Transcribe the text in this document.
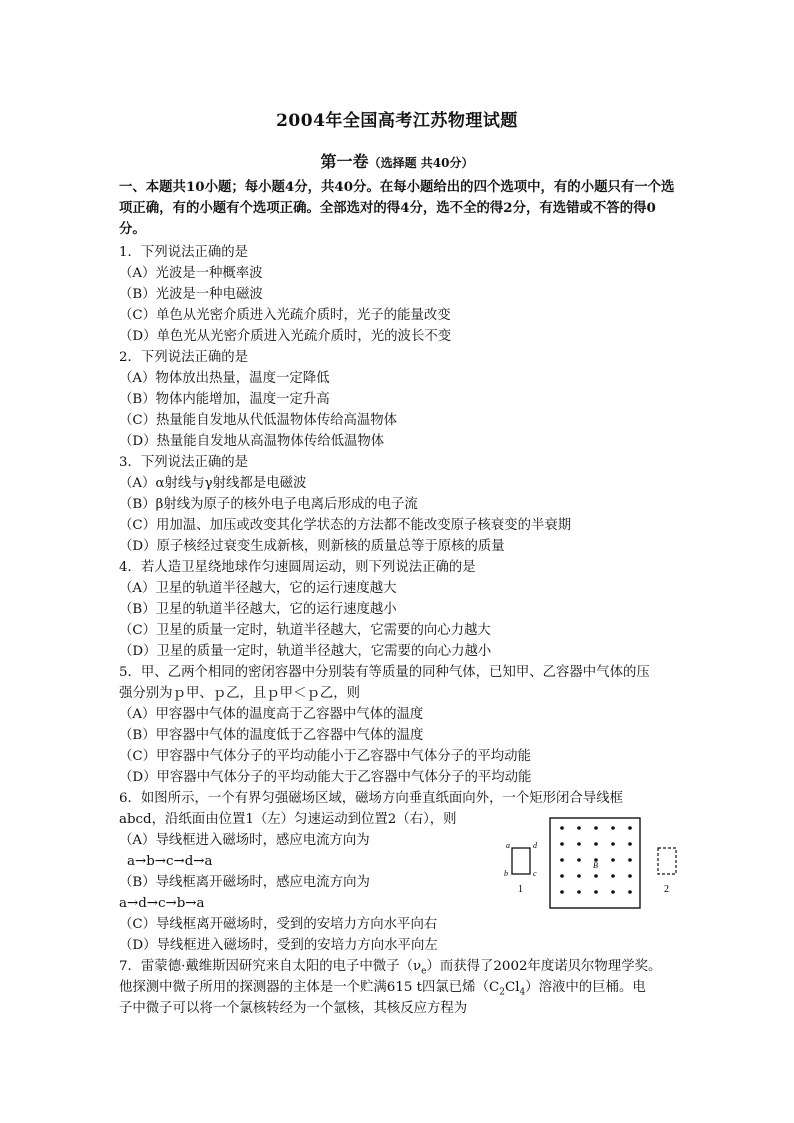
2004年全国高考江苏物理试题
第一卷（选择题 共40分）
一、本题共10小题；每小题4分，共40分。在每小题给出的四个选项中，有的小题只有一个选项正确，有的小题有个选项正确。全部选对的得4分，选不全的得2分，有选错或不答的得0分。
1．下列说法正确的是
（A）光波是一种概率波
（B）光波是一种电磁波
（C）单色从光密介质进入光疏介质时，光子的能量改变
（D）单色光从光密介质进入光疏介质时，光的波长不变
2．下列说法正确的是
（A）物体放出热量，温度一定降低
（B）物体内能增加，温度一定升高
（C）热量能自发地从代低温物体传给高温物体
（D）热量能自发地从高温物体传给低温物体
3．下列说法正确的是
（A）α射线与γ射线都是电磁波
（B）β射线为原子的核外电子电离后形成的电子流
（C）用加温、加压或改变其化学状态的方法都不能改变原子核衰变的半衰期
（D）原子核经过衰变生成新核，则新核的质量总等于原核的质量
4．若人造卫星绕地球作匀速圆周运动，则下列说法正确的是
（A）卫星的轨道半径越大，它的运行速度越大
（B）卫星的轨道半径越大，它的运行速度越小
（C）卫星的质量一定时，轨道半径越大，它需要的向心力越大
（D）卫星的质量一定时，轨道半径越大，它需要的向心力越小
5．甲、乙两个相同的密闭容器中分别装有等质量的同种气体，已知甲、乙容器中气体的压
强分别为ｐ甲、ｐ乙，且ｐ甲＜ｐ乙，则
（A）甲容器中气体的温度高于乙容器中气体的温度
（B）甲容器中气体的温度低于乙容器中气体的温度
（C）甲容器中气体分子的平均动能小于乙容器中气体分子的平均动能
（D）甲容器中气体分子的平均动能大于乙容器中气体分子的平均动能
6．如图所示，一个有界匀强磁场区域，磁场方向垂直纸面向外，一个矩形闭合导线框
abcd，沿纸面由位置1（左）匀速运动到位置2（右），则
（A）导线框进入磁场时，感应电流方向为
a→b→c→d→a
（B）导线框离开磁场时，感应电流方向为
a→d→c→b→a
（C）导线框离开磁场时，受到的安培力方向水平向右
（D）导线框进入磁场时，受到的安培力方向水平向左
7．雷蒙德·戴维斯因研究来自太阳的电子中微子$(\nu_e)$而获得了2002年度诺贝尔物理学奖。
他探测中微子所用的探测器的主体是一个贮满615 t四氯已烯$(C_2Cl_4)$溶液中的巨桶。电
子中微子可以将一个氯核转经为一个氩核，其核反应方程为
a	d
b	c
1
B
2
